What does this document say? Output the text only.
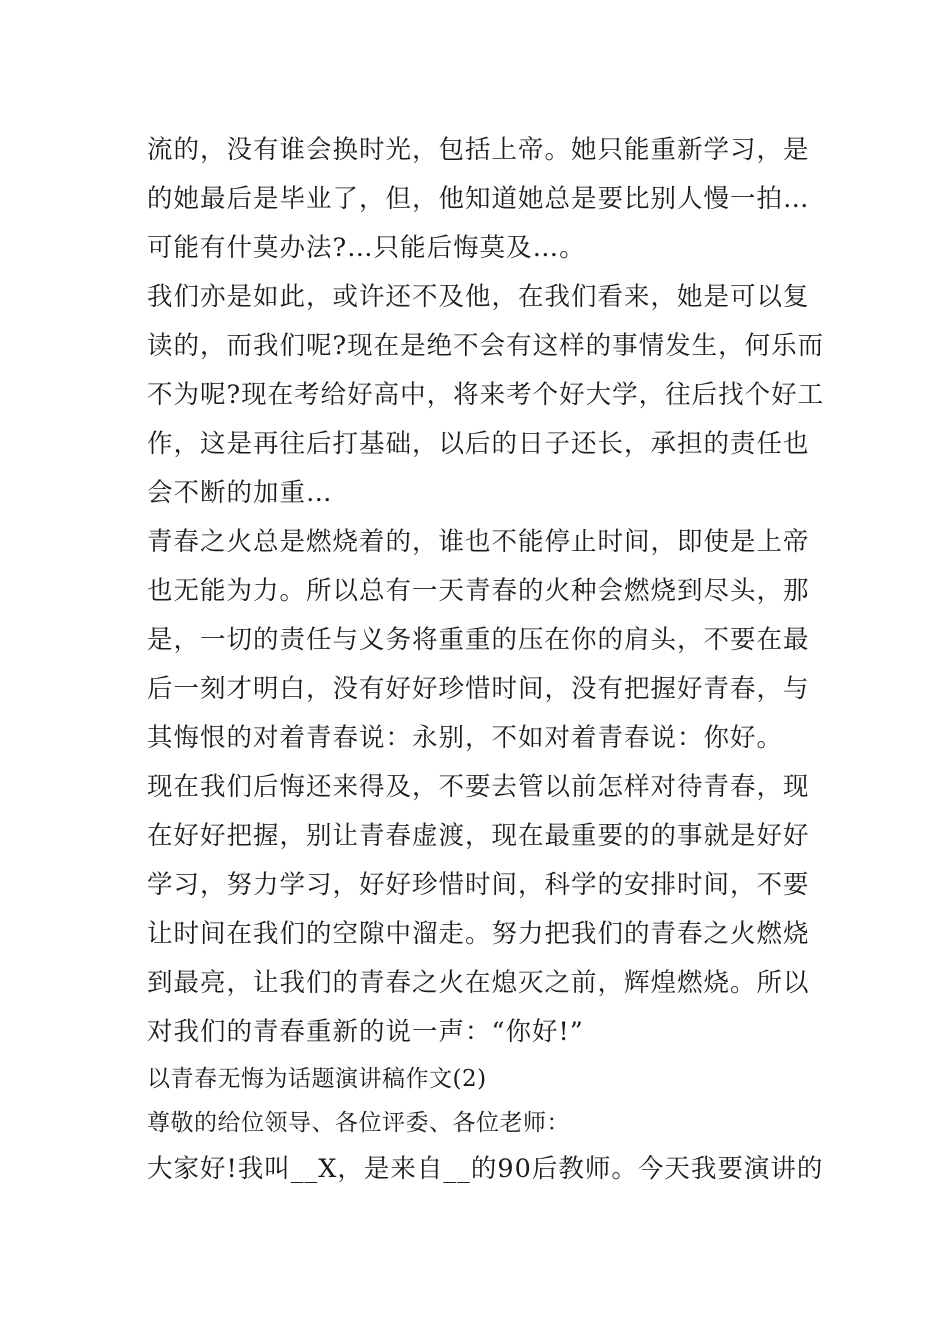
流的，没有谁会换时光，包括上帝。她只能重新学习，是
的她最后是毕业了，但，他知道她总是要比别人慢一拍…
可能有什莫办法?…只能后悔莫及…。
我们亦是如此，或许还不及他，在我们看来，她是可以复
读的，而我们呢?现在是绝不会有这样的事情发生，何乐而
不为呢?现在考给好高中，将来考个好大学，往后找个好工
作，这是再往后打基础，以后的日子还长，承担的责任也
会不断的加重…
青春之火总是燃烧着的，谁也不能停止时间，即使是上帝
也无能为力。所以总有一天青春的火种会燃烧到尽头，那
是，一切的责任与义务将重重的压在你的肩头，不要在最
后一刻才明白，没有好好珍惜时间，没有把握好青春，与
其悔恨的对着青春说：永别，不如对着青春说：你好。
现在我们后悔还来得及，不要去管以前怎样对待青春，现
在好好把握，别让青春虚渡，现在最重要的的事就是好好
学习，努力学习，好好珍惜时间，科学的安排时间，不要
让时间在我们的空隙中溜走。努力把我们的青春之火燃烧
到最亮，让我们的青春之火在熄灭之前，辉煌燃烧。所以
对我们的青春重新的说一声：“你好!”
以青春无悔为话题演讲稿作文(2)
尊敬的给位领导、各位评委、各位老师：
大家好!我叫__X，是来自__的90后教师。今天我要演讲的
